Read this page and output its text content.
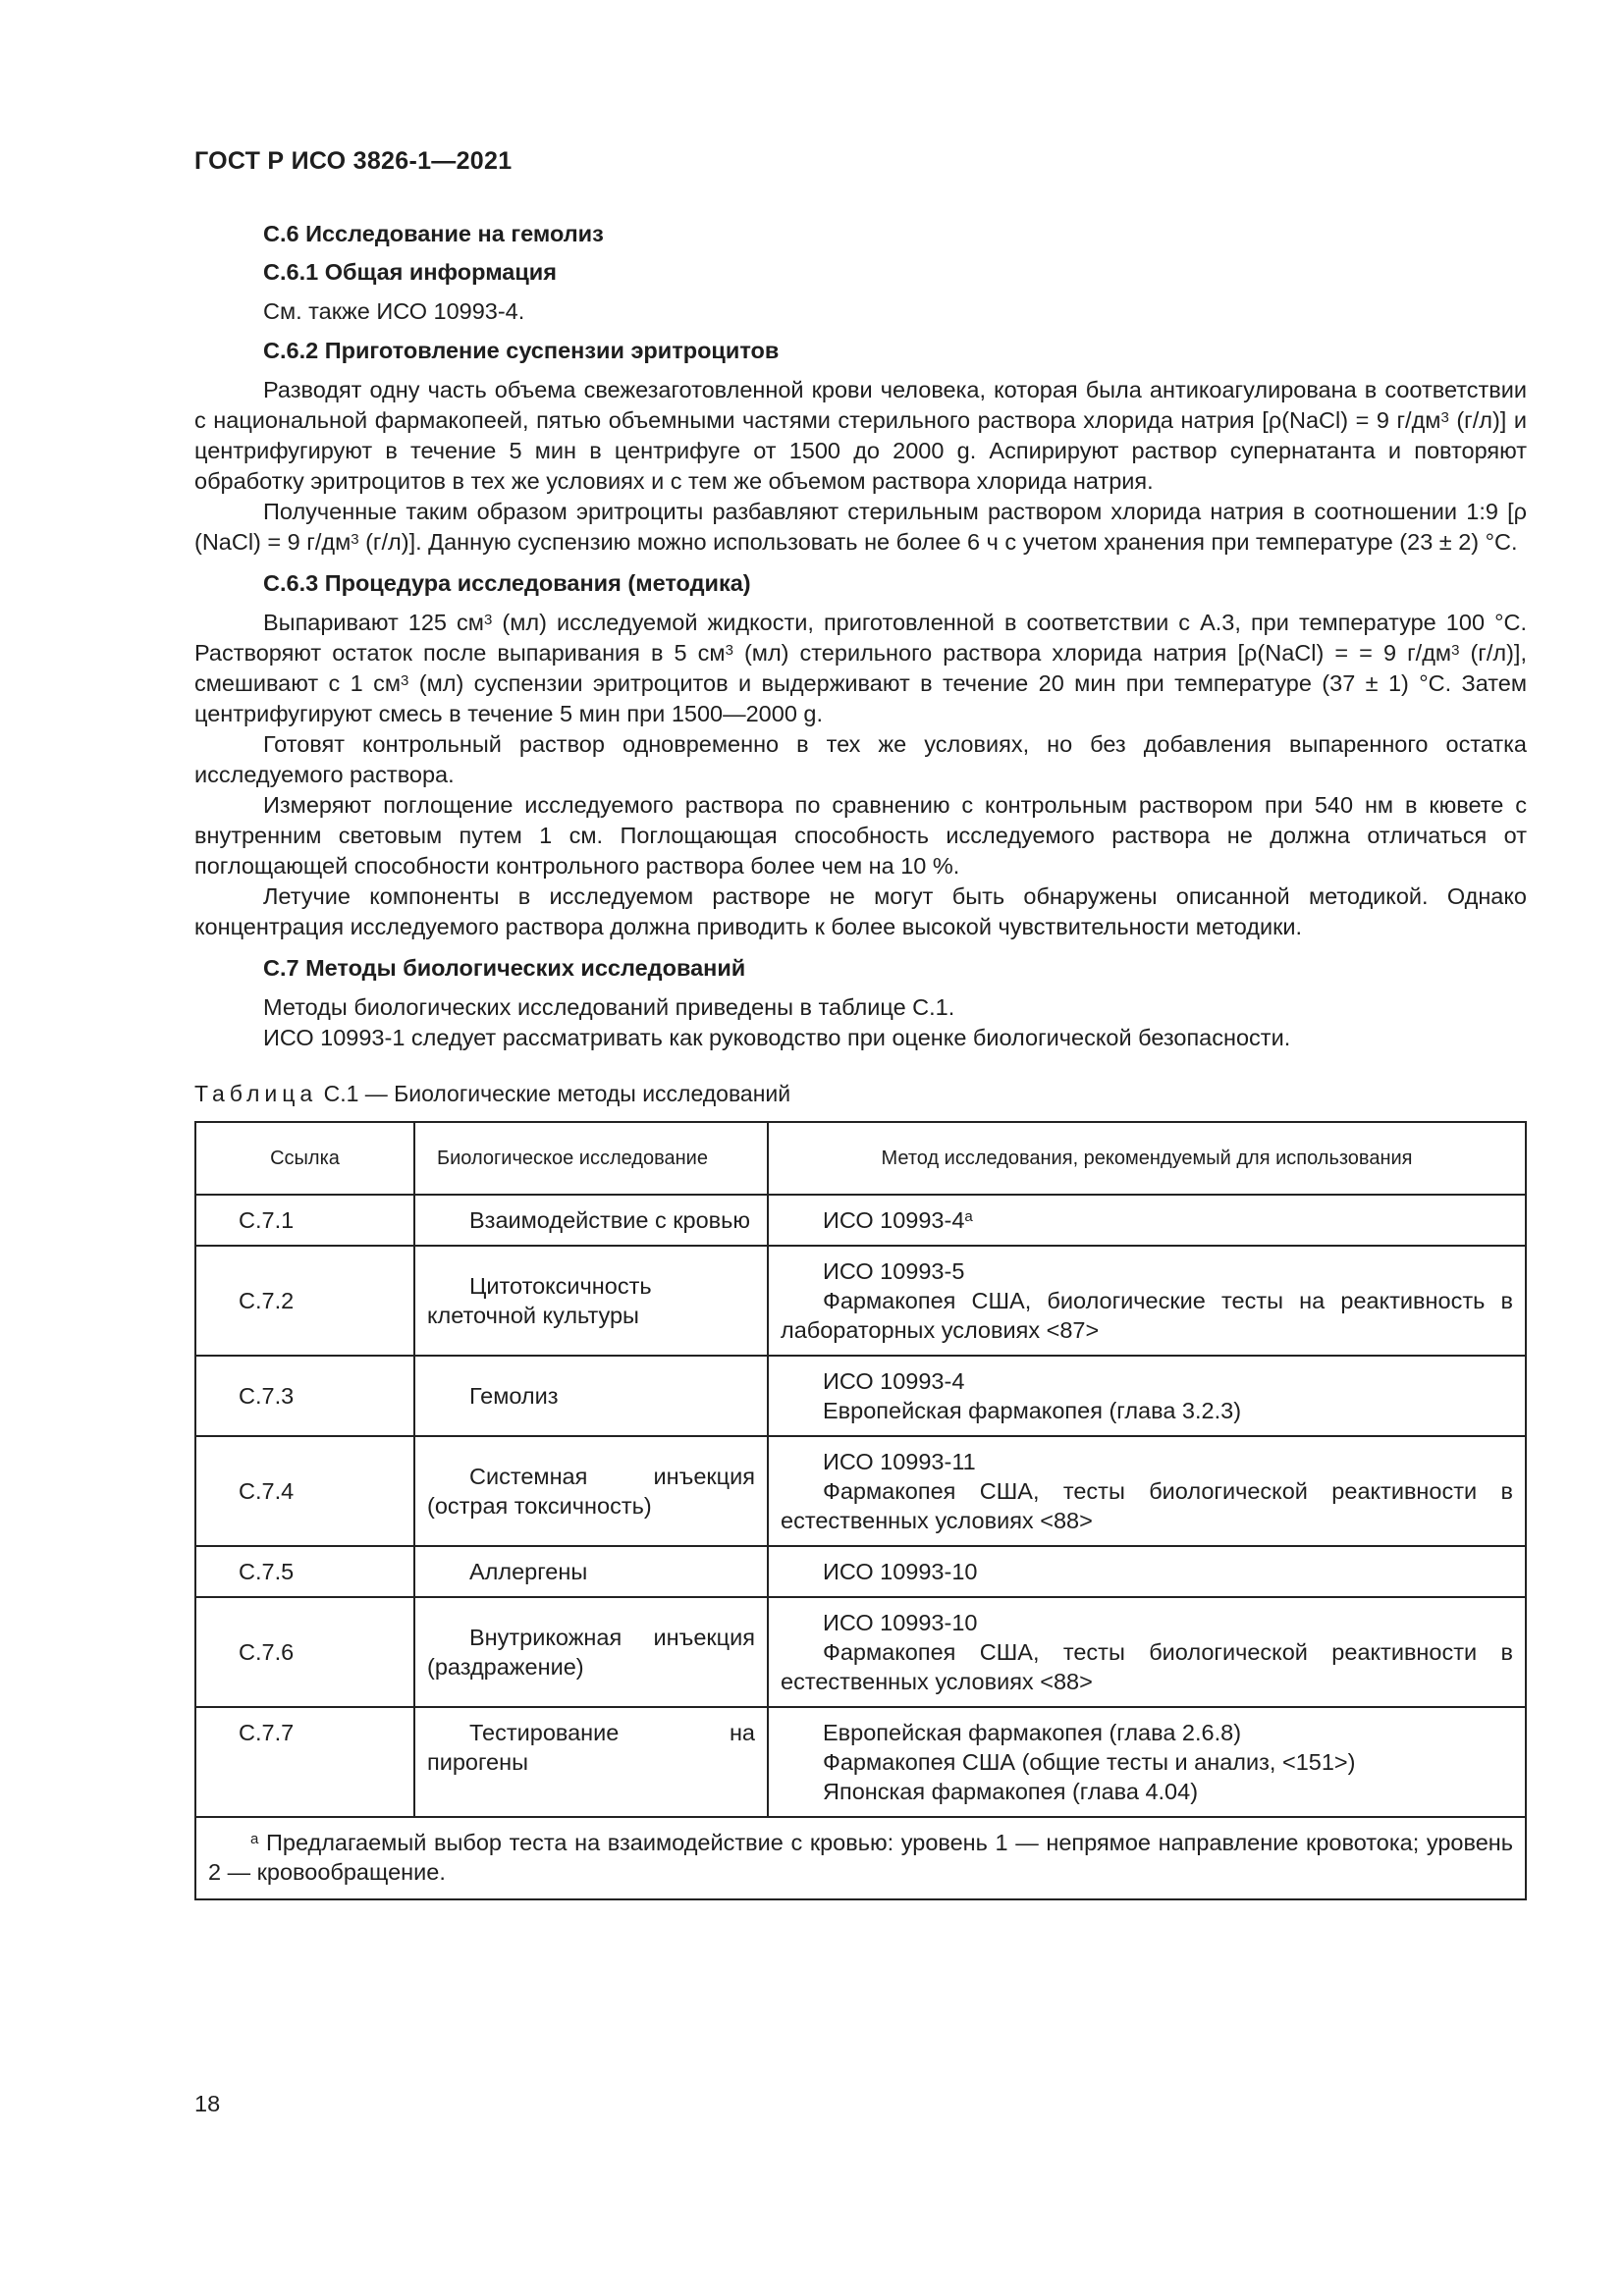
ГОСТ Р ИСО 3826-1—2021
C.6 Исследование на гемолиз
C.6.1 Общая информация
См. также ИСО 10993-4.
C.6.2 Приготовление суспензии эритроцитов
Разводят одну часть объема свежезаготовленной крови человека, которая была антикоагулирована в соответствии с национальной фармакопеей, пятью объемными частями стерильного раствора хлорида натрия [ρ(NaCl) = 9 $г/дм^3$ (г/л)] и центрифугируют в течение 5 мин в центрифуге от 1500 до 2000 g. Аспирируют раствор супернатанта и повторяют обработку эритроцитов в тех же условиях и с тем же объемом раствора хлорида натрия.
Полученные таким образом эритроциты разбавляют стерильным раствором хлорида натрия в соотношении 1:9 [ρ (NaCl) = 9 $г/дм^3$ (г/л)]. Данную суспензию можно использовать не более 6 ч с учетом хранения при температуре (23 ± 2) °С.
C.6.3 Процедура исследования (методика)
Выпаривают 125 $см^3$ (мл) исследуемой жидкости, приготовленной в соответствии с А.3, при температуре 100 °С. Растворяют остаток после выпаривания в 5 $см^3$ (мл) стерильного раствора хлорида натрия [ρ(NaCl) = = 9 $г/дм^3$ (г/л)], смешивают с 1 $см^3$ (мл) суспензии эритроцитов и выдерживают в течение 20 мин при температуре (37 ± 1) °С. Затем центрифугируют смесь в течение 5 мин при 1500—2000 g.
Готовят контрольный раствор одновременно в тех же условиях, но без добавления выпаренного остатка исследуемого раствора.
Измеряют поглощение исследуемого раствора по сравнению с контрольным раствором при 540 нм в кювете с внутренним световым путем 1 см. Поглощающая способность исследуемого раствора не должна отличаться от поглощающей способности контрольного раствора более чем на 10 %.
Летучие компоненты в исследуемом растворе не могут быть обнаружены описанной методикой. Однако концентрация исследуемого раствора должна приводить к более высокой чувствительности методики.
C.7 Методы биологических исследований
Методы биологических исследований приведены в таблице С.1.
ИСО 10993-1 следует рассматривать как руководство при оценке биологической безопасности.
Таблица С.1 — Биологические методы исследований
Ссылка	Биологическое исследование	Метод исследования, рекомендуемый для использования
С.7.1	Взаимодействие с кровью	ИСО 10993-4$^a$

С.7.2	Цитотоксичность клеточной культуры	ИСО 10993-5
Фармакопея США, биологические тесты на реактивность в лабораторных условиях <87>

С.7.3	Гемолиз	ИСО 10993-4
Европейская фармакопея (глава 3.2.3)

С.7.4	Системная инъекция (острая токсичность)	ИСО 10993-11
Фармакопея США, тесты биологической реактивности в естественных условиях <88>

С.7.5	Аллергены	ИСО 10993-10

С.7.6	Внутрикожная инъекция (раздражение)	ИСО 10993-10
Фармакопея США, тесты биологической реактивности в естественных условиях <88>

С.7.7	Тестирование на пирогены	Европейская фармакопея (глава 2.6.8)
Фармакопея США (общие тесты и анализ, <151>)
Японская фармакопея (глава 4.04)

$^a$ Предлагаемый выбор теста на взаимодействие с кровью: уровень 1 — непрямое направление кровотока; уровень 2 — кровообращение.		
18
